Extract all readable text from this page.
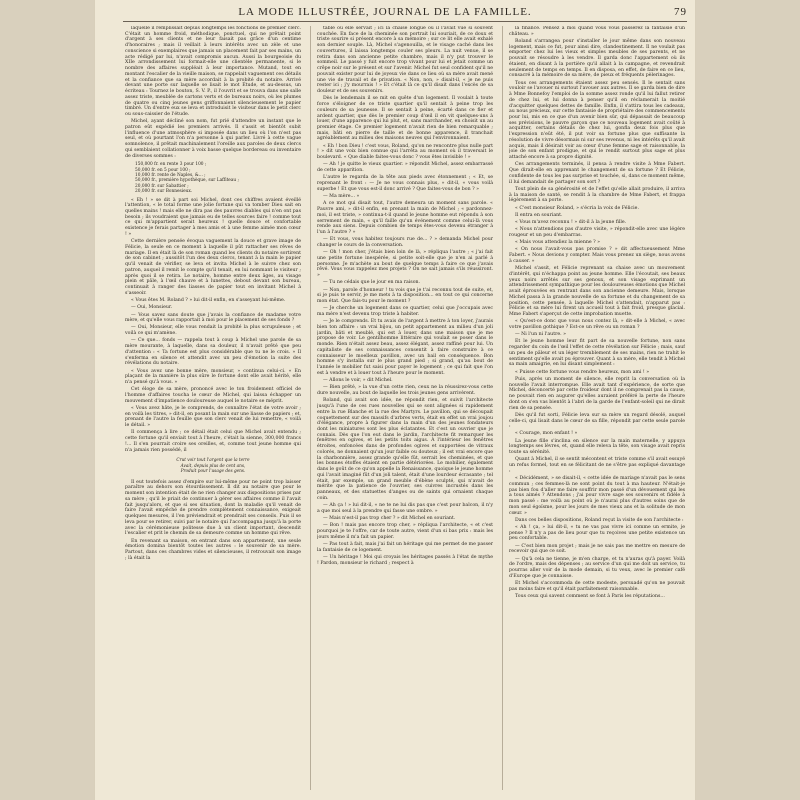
LA MODE ILLUSTRÉE, JOURNAL DE LA FAMILLE.	79

laquelle il remplissait depuis longtemps les fonctions de premier clerc. C'était un homme froid, méthodique, ponctuel, qui ne prêtait point d'argent à ses clients et ne leur faisait pas grâce d'un centime d'honoraires ; mais il veillait à leurs intérêts avec un zèle et une conscience si exemplaires que jamais un placement fait par ses mains, un acte rédigé par lui, n'avait compromis aucun. Aussi la bourgeoisie du XIIe arrondissement lui formait-elle une clientèle permanente, si le nombre des affaires suppléait à leur importance. Mutand, tout en montant l'escalier de la vieille maison, se rappelait vaguement ces détails et la confiance que sa mère accordait à la probité du notaire. Arrivé devant une porte sur laquelle se lisait le mot Étude, et au-dessus, un écriteau : Tournez le bouton, S. V. P., il l'ouvrit et se trouva dans une salle assez triste, meublée de cartons verts et de bureaux noirs, où les plumes de quatre ou cinq jeunes gens griffonnaient silencieusement le papier timbré. Un d'entre eux se leva et introduisit le visiteur dans le petit clerc ou sous-caissier de l'étude.

Michel, ayant décliné son nom, fut prié d'attendre un instant que le patron eût expédié les premiers arrivés. Il s'assit et bientôt subit l'influence d'une atmosphère si imposée dans un lieu où l'on n'est pas seul, et où pourtant l'on n'a personne à qui parler. Livré à cette vague somnolence, il prêtait machinalement l'oreille aux paroles de deux clercs qui semblaient collationner à voix basse quelque bordereau ou inventaire de diverses sommes :

150,000 fr. en rente 3 pour 100 ;
50,000 fr. en 5 pour 100 ;
10,000 fr. rente de Naples, &... ;
50,000 fr., première hypothèque, sur Laffiteau ;
20,000 fr. sur Sabattier ;
20,000 fr. sur Bonnesieux.

« Eh ! » se dit à part soi Michel, dont ces chiffres avaient éveillé l'attention, « le total forme une jolie fortune qui va tomber Dieu sait en quelles mains ! mais elle ne dira pas des pauvres diables qui n'en ont pas besoin ; ils voudraient que jamais eu de telles sources faire ! comme tout ce qui m'appartient serait heureux ! quelle douce et confortable existence je ferais partager à mes amis et à une femme aimée mon cœur ! »

Cette dernière pensée évoqua vaguement la douce et grave image de Félicie, la seule en ce moment à laquelle il pût rattacher ses rêves de mariage. Il en était là de son roman quand les clients du notaire sortirent de son cabinet ; aussitôt l'un des deux clercs, tenant à la main le papier qu'il venait de vérifier, se leva et invita Michel à le suivre chez son patron, auquel il remit le compte qu'il tenait, en lui nommant le visiteur ; après quoi il se retira. Le notaire, homme entre deux âges, au visage plein et pâle, à l'œil chauve et à lunettes, debout devant son bureau, continuait à ranger des liasses de papier tout en invitant Michel à s'asseoir.

« Vous êtes M. Roland ? » lui dit-il enfin, en s'asseyant lui-même.

— Oui, Monsieur.

— Vous savez sans doute que j'avais la confiance de madame votre mère, et qu'elle vous rapportait à moi pour le placement de ses fonds ?

— Oui, Monsieur, elle vous rendait la probité la plus scrupuleuse ; et voilà ce qui m'amène.

— Ce que... fonds — rappela tout à coup à Michel une parole de sa mère mourante, à laquelle, dans sa douleur, il n'avait prêté que peu d'attention : « Ta fortune est plus considérable que tu ne le crois. » Il s'enferma en silence et attendit avec un peu d'émotion la suite des révélations du notaire.

« Vous avez une bonne mère, monsieur, » continua celui-ci. « En plaçant de la manière la plus sûre le fortune dont elle avait hérité, elle n'a pensé qu'à vous. »

Cet éloge de sa mère, prononcé avec le ton froidement officiel de l'homme d'affaires toucha le cœur de Michel, qui laissa échapper un mouvement d'impatience douloureuse auquel le notaire se méprit.

« Vous avez hâte, je le comprends, de connaître l'état de votre avoir ; en voilà les titres, » dit-il, en posant la main sur une liasse de papiers ; et, prenant de l'autre la feuille que son clerc venait de lui remettre, « voilà le détail. »

Il commença à lire ; ce détail était celui que Michel avait entendu ; cette fortune qu'il enviait tout à l'heure, c'était la sienne, 300,000 francs !... Il s'en pourrait croire ses oreilles, et, comme tout jeune homme qui n'a jamais rien possédé, il

Crut voir tout l'argent que la terre
Avait, depuis plus de cent ans,
Produit pour l'usage des gens.

Il eut toutefois assez d'empire sur lui-même pour ne point trop laisser paraître au dehors son étourdissement. Il dit au notaire que pour le moment son intention était de ne rien changer aux dispositions prises par sa mère ; qu'il le priait de continuer à gérer ses affaires comme il l'avait fait jusqu'alors, et que si ses situation, dont la maladie qu'il venait de faire l'avait empêché de prendre complètement connaissance, exigeait quelques mesures, il l'en préviendrait et prendrait ses conseils. Puis il se leva pour se retirer, suivi par le notaire qui l'accompagna jusqu'à la porte avec la cérémonieuse politesse due à un client important, descendit l'escalier et prit le chemin de sa demeure comme un homme qui rêve.

En revenant sa maison, en entrant dans son appartement, une seule émotion domina bientôt toutes les autres : le souvenir de sa mère. Partout, dans ces chambres vides et silencieuses, il retrouvait son image ; là était la

table où elle servait ; ici la chaise longue où il l'avait vue si souvent couchée. En face de la cheminée son portrait lui souriait, de ce doux et triste sourire si présent encore à sa mémoire ; sur ce lit elle avait exhalé son dernier souple. Là, Michel s'agenouilla, et le visage caché dans les couvertures, il laissa longtemps couler ses pleurs. La nuit venue, il se retira dans son ancienne petite chambre, mais il n'y put trouver le sommeil. Le passé y fuit encore trop vivant pour lui et jetait comme un crêpe noir sur le présent et sur l'avenir. Michel fut seul confident qu'il ne pouvait exister pour lui de joyeux vie dans ce lieu où sa mère avait mené une vie de travail et de privation. « Non, non, » disait-il, « je ne puis rester ici ; j'y mourrais ! » Et c'était là ce qu'il disait dans l'excès de sa douleur et de ses souvenirs.

Dès le lendemain il se mit en quête d'un logement. Il voulait à toute force s'éloigner de ce triste quartier qu'il sentait à peine trop les couleurs de sa jeunesse. Il se sentait à peine, écarté dans ce fier et ardent quartier, que dès le premier coup d'œil il en vit quelques-uns à louer, d'une apparence qui lui plut, et, sans marchander, en choisit un au premier étage. Ce premier logement n'avait rien de bien remarquable ; mais, bâti en pierre de taille et de bonne apparence, il tranchait agréablement au milieu des maisons neuves qui l'environnaient.

« Eh ! bon Dieu ! c'est vous, Roland, qu'on ne rencontre plus nulle part ! » dit une voix bien connue qui l'arrêta au moment où il traversait le boulevard. « Que diable faites-vous donc ? vous êtes invisible ! »

— Ah ! je quitte le vieux quartier. » répondit Michel, assez embarrassé de cette apparition.

L'autre le regarda de la tête aux pieds avec étonnement ; « Et, se reprenant le front : — Je ne vous connais plus, » dit-il, « vous voilà superbe ! Et que vous est-il donc arrivé ? Que faites-vous de bon ? »

— Ma mère... »

A ce mot qui disait tout, l'autre demeura un moment sans parole. « Pauvre ami, » dit-il enfin, en prenant la main de Michel ; « pardonnez-moi, il est triste, » continua-t-il quand le jeune homme eut répondu à son serrement de main, « qu'il faille qu'un événement comme celui-là vous rende aux siens. Depuis combien de temps êtes-vous devenu étranger à l'un à l'autre ? »

— Et vous, vous habitez toujours rue de... ? » demanda Michel pour changer le cours de la conversation.

— Oh ! mon cher, j'étais bien loin de là, » répliqua l'autre ; « j'ai fait une petite fortune inespérée, si petite soit-elle que je n'en ai parlé à personne. Je m'achète au bout de quelque temps à faire ce que j'avais rêvé. Vous vous rappelez mes projets ? On ne sait jamais s'ils réussiront. »

— Tu ne cédais que le jour en ma raison.

— Non, parole d'honneur ! tu vois que je t'ai reconnu tout de suite, et, si je puis te servir, je me mets à ta disposition... en tout ce qui concerne mon état. Que fais-tu pour le moment ?

— Je cherche un logement dans ce quartier, celui que j'occupais avec ma mère n'est devenu trop triste à habiter.

— Je le comprends. Et tu avais de l'argent à mettre à ton loyer, j'aurais bien ton affaire : un vrai bijou, un petit appartement au milieu d'un joli jardin, bâti et meublé, qui est à louer, dans une maison que je me propose de voir. Le gentilhomme littéraire qui voulait se poser dans le monde. Rien n'était assez beau, assez élégant, assez raffiné pour lui. Un capitaliste de ses connaissances consentit à faire construire à ce connaisseur le moelleux pavillon, avec un bail en conséquence. Bon homme s'y installa sur le plus grand pied ; si grand, qu'au bout de l'année le mobilier fut saisi pour payer le logement ; ce qui fait que l'on est à vendre et à louer tout à l'heure pour le moment.

— Allons le voir, » dit Michel.

— Bien prêté, » la vue d'un cette rien, ceux ne la réussirez-vous cette dure nouvelle, au bout de laquelle les trois jeunes gens arrivèrent.

Roland, qui avait son idée, ne répondit rien, et suivit l'architecte jusqu'à l'une de ces rues nouvelles qui se sont alignées si rapidement entre la rue Blanche et la rue des Martyrs. Le pavillon, qui se découpait coquettement sur des massifs d'arbres verts, était en effet un vrai joujou d'élégance, propre à figurer dans la main d'un des jeunes fondateurs dont les miniatures sont les plus éclatantes. Et c'est un ouvrier que je connais. Dès que l'on eut dans le jardin, l'architecte fit remarquer les fenêtres en ogives, et les petits toits aigus. À l'intérieur les fenêtres étroites, enfoncées dans de profondes ogives et supportées de vitraux colorés, ne donnaient qu'un jour faible ou douteux ; il est vrai encore que la charbonnière, assez grande qu'elle fût, serrait les cheminées, et que les bonnes étoffes étaient en partie détériorées. Le mobilier, également dans le goût de ce qu'on appelle la Renaissance, quoique le jeune homme qui l'avait imaginé fût d'un joli talent, était d'une lourdeur écrasante ; tel était, par exemple, un grand meuble d'ébène sculpté, qui n'avait de mérite que la patience de l'ouvrier, ses cuivres incrustés dans les panneaux, et des statuettes d'anges ou de saints qui ornaient chaque coin.

— Ah ça ! » lui dit-il, « ne te ne lui dis pas que c'est pour balcon, il n'y a que moi seul à la prendre qui fasse une ombre. »

— Mais n'est-il pas trop cher ? » dit Michel en souriant.

— Bon ! mais pas encore trop cher, » répliqua l'architecte, « et c'est pourquoi je te l'offre, car de toute autre, vient d'un si bas prix : mais les jours même il m'a fait un papier.

— Pas tout à fait, mais j'ai fait un héritage qui me permet de me passer la fantaisie de ce logement.

— Un héritage ! Moi qui croyais les héritages passés à l'état de mythe ! Pardon, monsieur le richard ; respect à

la finance. Pensez à moi quand vous vous passerez la fantaisie d'un château. »

Roland s'arrangea pour s'installer le jour même dans son nouveau logement, mais ce fut, pour ainsi dire, clandestinement. Il ne voulait pas emporter chez lui les vieux et simples meubles de ses parents, et ne pouvait se résoudre à les vendre. Il garda donc l'appartement où ils étaient, en disant à la portière qu'il allait à la campagne, et revendrait seulement de temps en temps. Il en disposa, en effet, de faire en ce lieu, consacré à la mémoire de sa mère, de pieux et fréquents pèlerinages.

Tous ces arrangements étaient assez peu sensés. Il le sentait sans vouloir se l'avouer ni surtout l'avouer aux autres. Il se garda bien de dire à Mme Bonnefoy l'emploi de la somme assez ronde qu'il lui fallut retirer de chez lui, et lui donna à penser qu'il en réclamerait la moitié d'acquitter quelques dettes de famille. Enfin, il s'attira tous les cadeaux, au nous précieux, sur cette fantaisie de propriétaire des commencements pour lui, mis en ce que d'un avenir bien sûr, qui dépassait de beaucoup ses prévisions, le pauvre garçon que ce nouveau logement avait coûté à acquitter, certains détails de chez lui, gonfla deux fois plus que l'expression n'eût été, il put voir sa fortune plus que suffisante la résolution de vivre désormais ni sur ses revenus, ni les intérêts qu'il avait acquis, mais il désirait voir au cœur d'une femme sage et raisonnable, la joie de son enfant prodigue, et qui le rendit surtout plus sage et plus attaché encore à sa propre dignité.

Ces arrangements terminés, il pensa à rendre visite à Mme Fabert. Que dirait-elle en apprenant le changement de sa fortune ? Et Félicie, confidente de tous les pas surprise et touchée, si, dans ce moment même, il lui demandait de partager son sort ?

Tout plein de sa générosité et de l'effet qu'elle allait produire, il arriva à la maison de santé, se rendit à la chambre de Mme Fabert, et frappa légèrement à sa porte.

« C'est monsieur Roland, » s'écria la voix de Félicie.

Il entra en souriant.

« Vous m'avez reconnu ! » dit-il à la jeune fille.

« Nous n'attendions pas d'autre visite, » répondit-elle avec une légère rougeur et un peu d'embarras.

« Mais vous attendiez la mienne ? »

« On nous l'avait-vous pas promise ? » dit affectueusement Mme Fabert. « Nous devions y compter. Mais vous prenez un siège, nous avons à causer. »

Michel s'assit, et Félicie reprenant sa chaise avec un mouvement d'intérêt, qui n'échappa point au jeune homme. Elle l'écoutait, ses beaux yeux noirs arrêtés sur ses genoux, et son visage exprimant un attendrissement sympathique pour les douloureuses émotions que Michel avait éprouvées en rentrant dans son ancienne demeure. Mais, lorsque Michel passa à la grande nouvelle de sa fortune et du changement de sa position, cette pensée, à laquelle Michel s'attendait, n'apparut pas : Félicie et sa mère lui firent un accueil tout à fait froid, presque glacial. Mme Fabert s'aperçut de cette improbation muette.

« Qu'est-ce donc que vous nous contez là, » dit-elle à Michel, « avec votre pavillon gothique ? Est-ce un rêve ou un roman ?

— Ni l'un ni l'autre. »

Et le jeune homme leur fit part de sa nouvelle fortune, non sans regarder du coin de l'œil l'effet de cette révélation sur Félicie ; mais, sauf un peu de pâleur et un léger tremblement de ses mains, rien ne trahit le sentiment qu'elle avait pu éprouver. Quant à sa mère, elle tendit à Michel sa main amaigrie, en lui disant simplement :

« Puisse cette fortune vous rendre heureux, mon ami ! »

Puis, après un moment de silence, elle reprit la conversation où la nouvelle l'avait interrompue. Elle avait tant d'expérience, de sorte que Michel, déconcerté par cette froideur dont il ne comprenait pas la cause, ne pouvait rien en augurer qu'elles auraient préféré la perte de l'heure dont on s'en vas bientôt à l'abri de la garde de l'enfant-soleil qui ne dirait rien de sa pensée.

Dès qu'il fut sorti, Félicie leva sur sa mère un regard désolé, auquel celle-ci, qui lisait dans le cœur de sa fille, répondit par cette seule parole :

« Courage, mon enfant ! »

La jeune fille s'inclina en silence sur la main maternelle, y appuya longtemps ses lèvres, et, quand elle releva la tête, son visage avait repris toute sa sérénité.

Quant à Michel, il se sentit mécontent et triste comme s'il avait essuyé un refus formel, tout en se félicitant de ne s'être pas expliqué davantage :

« Décidément, » se disait-il, « cette idée de mariage n'avait pas le sens commun ; ces femmes-là ne sont point du tout à ma hauteur. N'était-je pas bien fou d'aller me faire souffrir mon passé d'un dévouement qui les a tous aimés ? Attendons ; j'ai pour vivre sage ses souvenirs et fidèle à mon passé : me voilà au point où je n'aurai plus d'autres soins que de mon seul égoïsme, pour les jours de mes vieux ans et la solitude de mon cœur. »

Dans ces belles dispositions, Roland reçut la visite de son l'architecte :

« Ah ! ça, » lui dit-il, « tu ne vas pas vivre ici comme un ermite, je pense ? Il n'y a pas de lieu pour que tu reçoives une petite existence un peu confortable.

— C'est bien mon projet ; mais je ne sais pas me mettre en mesure de recevoir qui que ce soit.

— Qu'à cela ne tienne, je m'en charge, et tu n'auras qu'à payer. Voilà de l'ordre, mais des dépenses ; au service d'un qui me doit un service, tu pourras aller voir de la mode demain, si tu veux, avec le premier café d'Europe que je connaisse.

Et Michel s'accommoda de cette modeste, persuadé qu'on ne pouvait pas moins faire et qu'il était parfaitement raisonnable.

Tous ceux qui savent comment se font à Paris les réputations...
